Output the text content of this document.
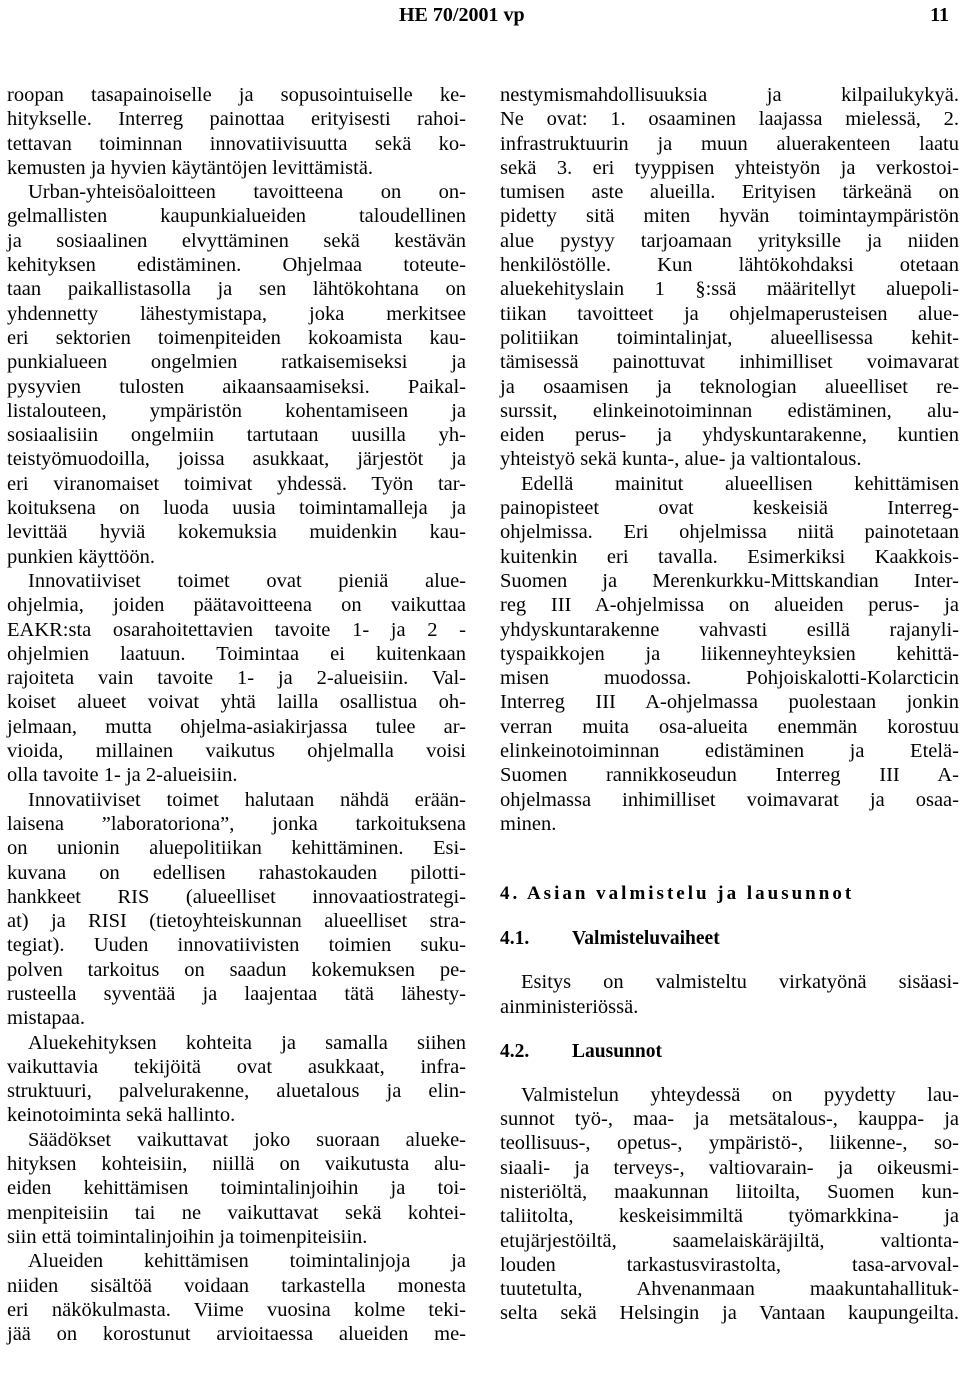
HE 70/2001 vp	11
roopan tasapainoiselle ja sopusointuiselle ke-
hitykselle. Interreg painottaa erityisesti rahoi-
tettavan toiminnan innovatiivisuutta sekä ko-
kemusten ja hyvien käytäntöjen levittämistä.
Urban-yhteisöaloitteen tavoitteena on on-
gelmallisten kaupunkialueiden taloudellinen
ja sosiaalinen elvyttäminen sekä kestävän
kehityksen edistäminen. Ohjelmaa toteute-
taan paikallistasolla ja sen lähtökohtana on
yhdennetty lähestymistapa, joka merkitsee
eri sektorien toimenpiteiden kokoamista kau-
punkialueen ongelmien ratkaisemiseksi ja
pysyvien tulosten aikaansaamiseksi. Paikal-
listalouteen, ympäristön kohentamiseen ja
sosiaalisiin ongelmiin tartutaan uusilla yh-
teistyömuodoilla, joissa asukkaat, järjestöt ja
eri viranomaiset toimivat yhdessä. Työn tar-
koituksena on luoda uusia toimintamalleja ja
levittää hyviä kokemuksia muidenkin kau-
punkien käyttöön.
Innovatiiviset toimet ovat pieniä alue-
ohjelmia, joiden päätavoitteena on vaikuttaa
EAKR:sta osarahoitettavien tavoite 1- ja 2 -
ohjelmien laatuun. Toimintaa ei kuitenkaan
rajoiteta vain tavoite 1- ja 2-alueisiin. Val-
koiset alueet voivat yhtä lailla osallistua oh-
jelmaan, mutta ohjelma-asiakirjassa tulee ar-
vioida, millainen vaikutus ohjelmalla voisi
olla tavoite 1- ja 2-alueisiin.
Innovatiiviset toimet halutaan nähdä erään-
laisena ”laboratoriona”, jonka tarkoituksena
on unionin aluepolitiikan kehittäminen. Esi-
kuvana on edellisen rahastokauden pilotti-
hankkeet RIS (alueelliset innovaatiostrategi-
at) ja RISI (tietoyhteiskunnan alueelliset stra-
tegiat). Uuden innovatiivisten toimien suku-
polven tarkoitus on saadun kokemuksen pe-
rusteella syventää ja laajentaa tätä lähesty-
mistapaa.
Aluekehityksen kohteita ja samalla siihen
vaikuttavia tekijöitä ovat asukkaat, infra-
struktuuri, palvelurakenne, aluetalous ja elin-
keinotoiminta sekä hallinto.
Säädökset vaikuttavat joko suoraan alueke-
hityksen kohteisiin, niillä on vaikutusta alu-
eiden kehittämisen toimintalinjoihin ja toi-
menpiteisiin tai ne vaikuttavat sekä kohtei-
siin että toimintalinjoihin ja toimenpiteisiin.
Alueiden kehittämisen toimintalinjoja ja
niiden sisältöä voidaan tarkastella monesta
eri näkökulmasta. Viime vuosina kolme teki-
jää on korostunut arvioitaessa alueiden me-
nestymismahdollisuuksia ja kilpailukykyä.
Ne ovat: 1. osaaminen laajassa mielessä, 2.
infrastruktuurin ja muun aluerakenteen laatu
sekä 3. eri tyyppisen yhteistyön ja verkostoi-
tumisen aste alueilla. Erityisen tärkeänä on
pidetty sitä miten hyvän toimintaympäristön
alue pystyy tarjoamaan yrityksille ja niiden
henkilöstölle. Kun lähtökohdaksi otetaan
aluekehityslain 1 §:ssä määritellyt aluepoli-
tiikan tavoitteet ja ohjelmaperusteisen alue-
politiikan toimintalinjat, alueellisessa kehit-
tämisessä painottuvat inhimilliset voimavarat
ja osaamisen ja teknologian alueelliset re-
surssit, elinkeinotoiminnan edistäminen, alu-
eiden perus- ja yhdyskuntarakenne, kuntien
yhteistyö sekä kunta-, alue- ja valtiontalous.
Edellä mainitut alueellisen kehittämisen
painopisteet ovat keskeisiä Interreg-
ohjelmissa. Eri ohjelmissa niitä painotetaan
kuitenkin eri tavalla. Esimerkiksi Kaakkois-
Suomen ja Merenkurkku-Mittskandian Inter-
reg III A-ohjelmissa on alueiden perus- ja
yhdyskuntarakenne vahvasti esillä rajanyli-
tyspaikkojen ja liikenneyhteyksien kehittä-
misen muodossa. Pohjoiskalotti-Kolarcticin
Interreg III A-ohjelmassa puolestaan jonkin
verran muita osa-alueita enemmän korostuu
elinkeinotoiminnan edistäminen ja Etelä-
Suomen rannikkoseudun Interreg III A-
ohjelmassa inhimilliset voimavarat ja osaa-
minen.
4. Asian valmistelu ja lausunnot
4.1. Valmisteluvaiheet
Esitys on valmisteltu virkatyönä sisäasi-
ainministeriössä.
4.2. Lausunnot
Valmistelun yhteydessä on pyydetty lau-
sunnot työ-, maa- ja metsätalous-, kauppa- ja
teollisuus-, opetus-, ympäristö-, liikenne-, so-
siaali- ja terveys-, valtiovarain- ja oikeusmi-
nisteriöltä, maakunnan liitoilta, Suomen kun-
taliitolta, keskeisimmiltä työmarkkina- ja
etujärjestöiltä, saamelaiskäräjiltä, valtionta-
louden tarkastusvirastolta, tasa-arvoval-
tuutetulta, Ahvenanmaan maakuntahallituk-
selta sekä Helsingin ja Vantaan kaupungeilta.
